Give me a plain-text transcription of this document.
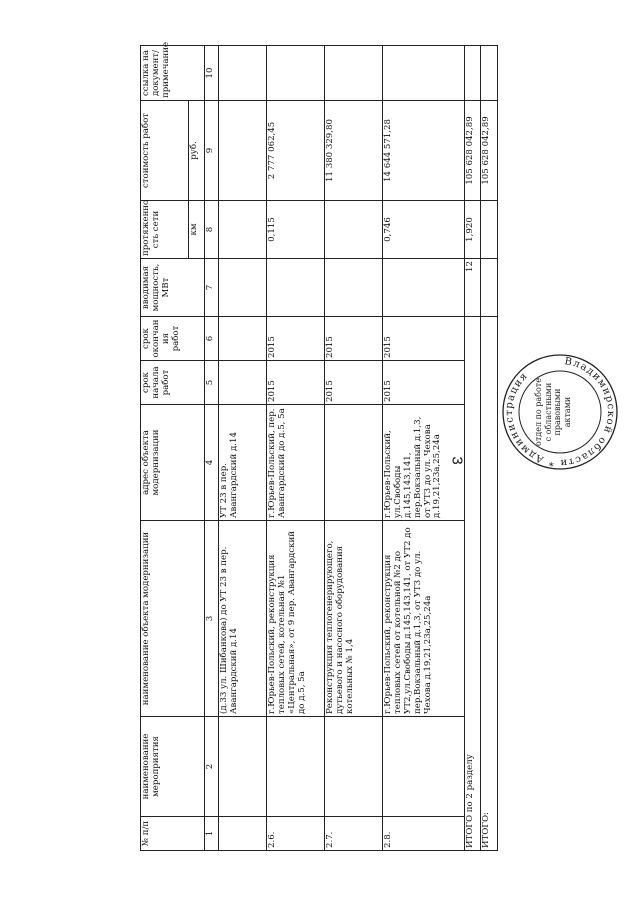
3
№ п/п	наименование мероприятия	наименование объекта модернизации	адрес объекта модернизации	срок начала работ	срок окончан ия работ	вводимая мощность, МВт	протяженно сть сети	стоимость работ	ссылка на документ/ примечание
							км	руб.	
1	2	3	4	5	6	7	8	9	10
		(д.33 ул. Шибанкова) до УТ 23 в пер. Авангардский д.14	УТ 23 в пер. Авангардский д.14						
2.6.		г.Юрьев-Польский, реконструкция тепловых сетей, котельная №1 «Центральная», от 9 пер. Авангардский до д.5, 5а	г.Юрьев-Польский, пер. Авангардский до д.5, 5а	2015	2015		0,115	2 777 062,45	
2.7.		Реконструкция теплогенерирующего, дутьевого и насосного оборудования котельных № 1,4		2015	2015			11 380 329,80	
2.8.		г.Юрьев-Польский, реконструкция тепловых сетей от котельной №2 до УТ2,ул.Свободы д.145,143,141, от УТ2 до пер.Вокзальный д.1,3, от УТ3 до ул. Чехова д.19,21,23а,25,24а	г.Юрьев-Польский, ул.Свободы д.145,143,141, пер.Вокзальный д.1,3, от УТ3 до ул. Чехова д.19,21,23а,25,24а	2015	2015		0,746	14 644 571,28	
ИТОГО по 2 разделу						12	1,920	105 628 042,89	
ИТОГО:								105 628 042,89	
Владимирской области * Администрация
отдел по работе с областными правовыми актами
